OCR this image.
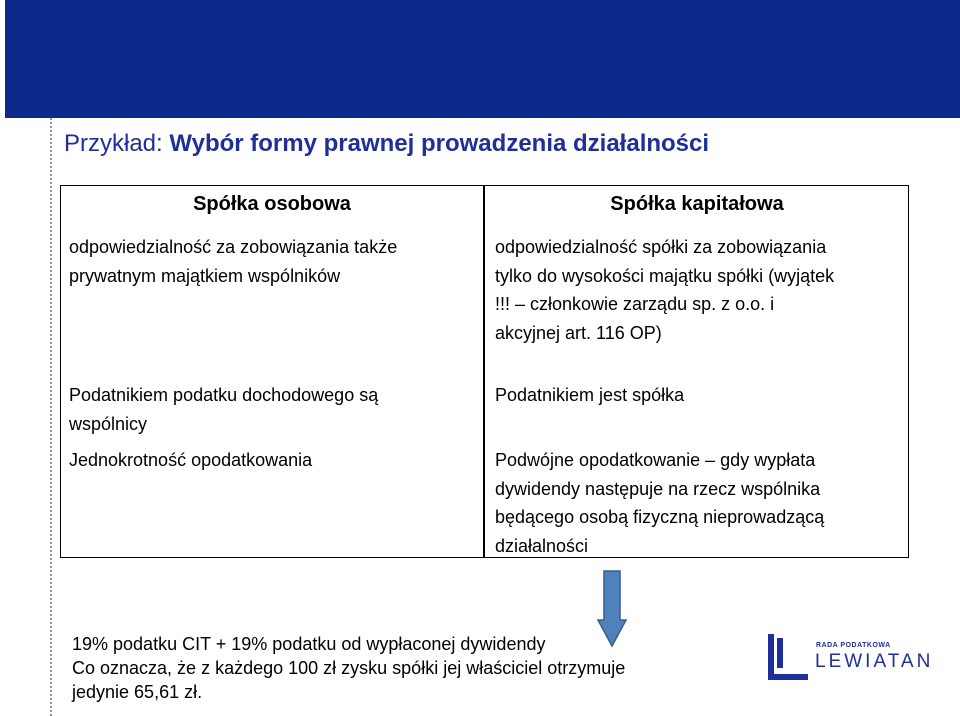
Przykład: Wybór formy prawnej prowadzenia działalności
Spółka osobowa	Spółka kapitałowa
odpowiedzialność za zobowiązania także
prywatnym majątkiem wspólników
odpowiedzialność spółki za zobowiązania
tylko do wysokości majątku spółki (wyjątek
!!! – członkowie zarządu sp. z o.o. i
akcyjnej art. 116 OP)
Podatnikiem podatku dochodowego są
wspólnicy
Podatnikiem jest spółka
Jednokrotność opodatkowania	Podwójne opodatkowanie – gdy wypłata
dywidendy następuje na rzecz wspólnika
będącego osobą fizyczną nieprowadzącą
działalności
19% podatku CIT + 19% podatku od wypłaconej dywidendy
Co oznacza, że z każdego 100 zł zysku spółki jej właściciel otrzymuje
jedynie 65,61 zł.
RADA PODATKOWA
LEWIATAN
